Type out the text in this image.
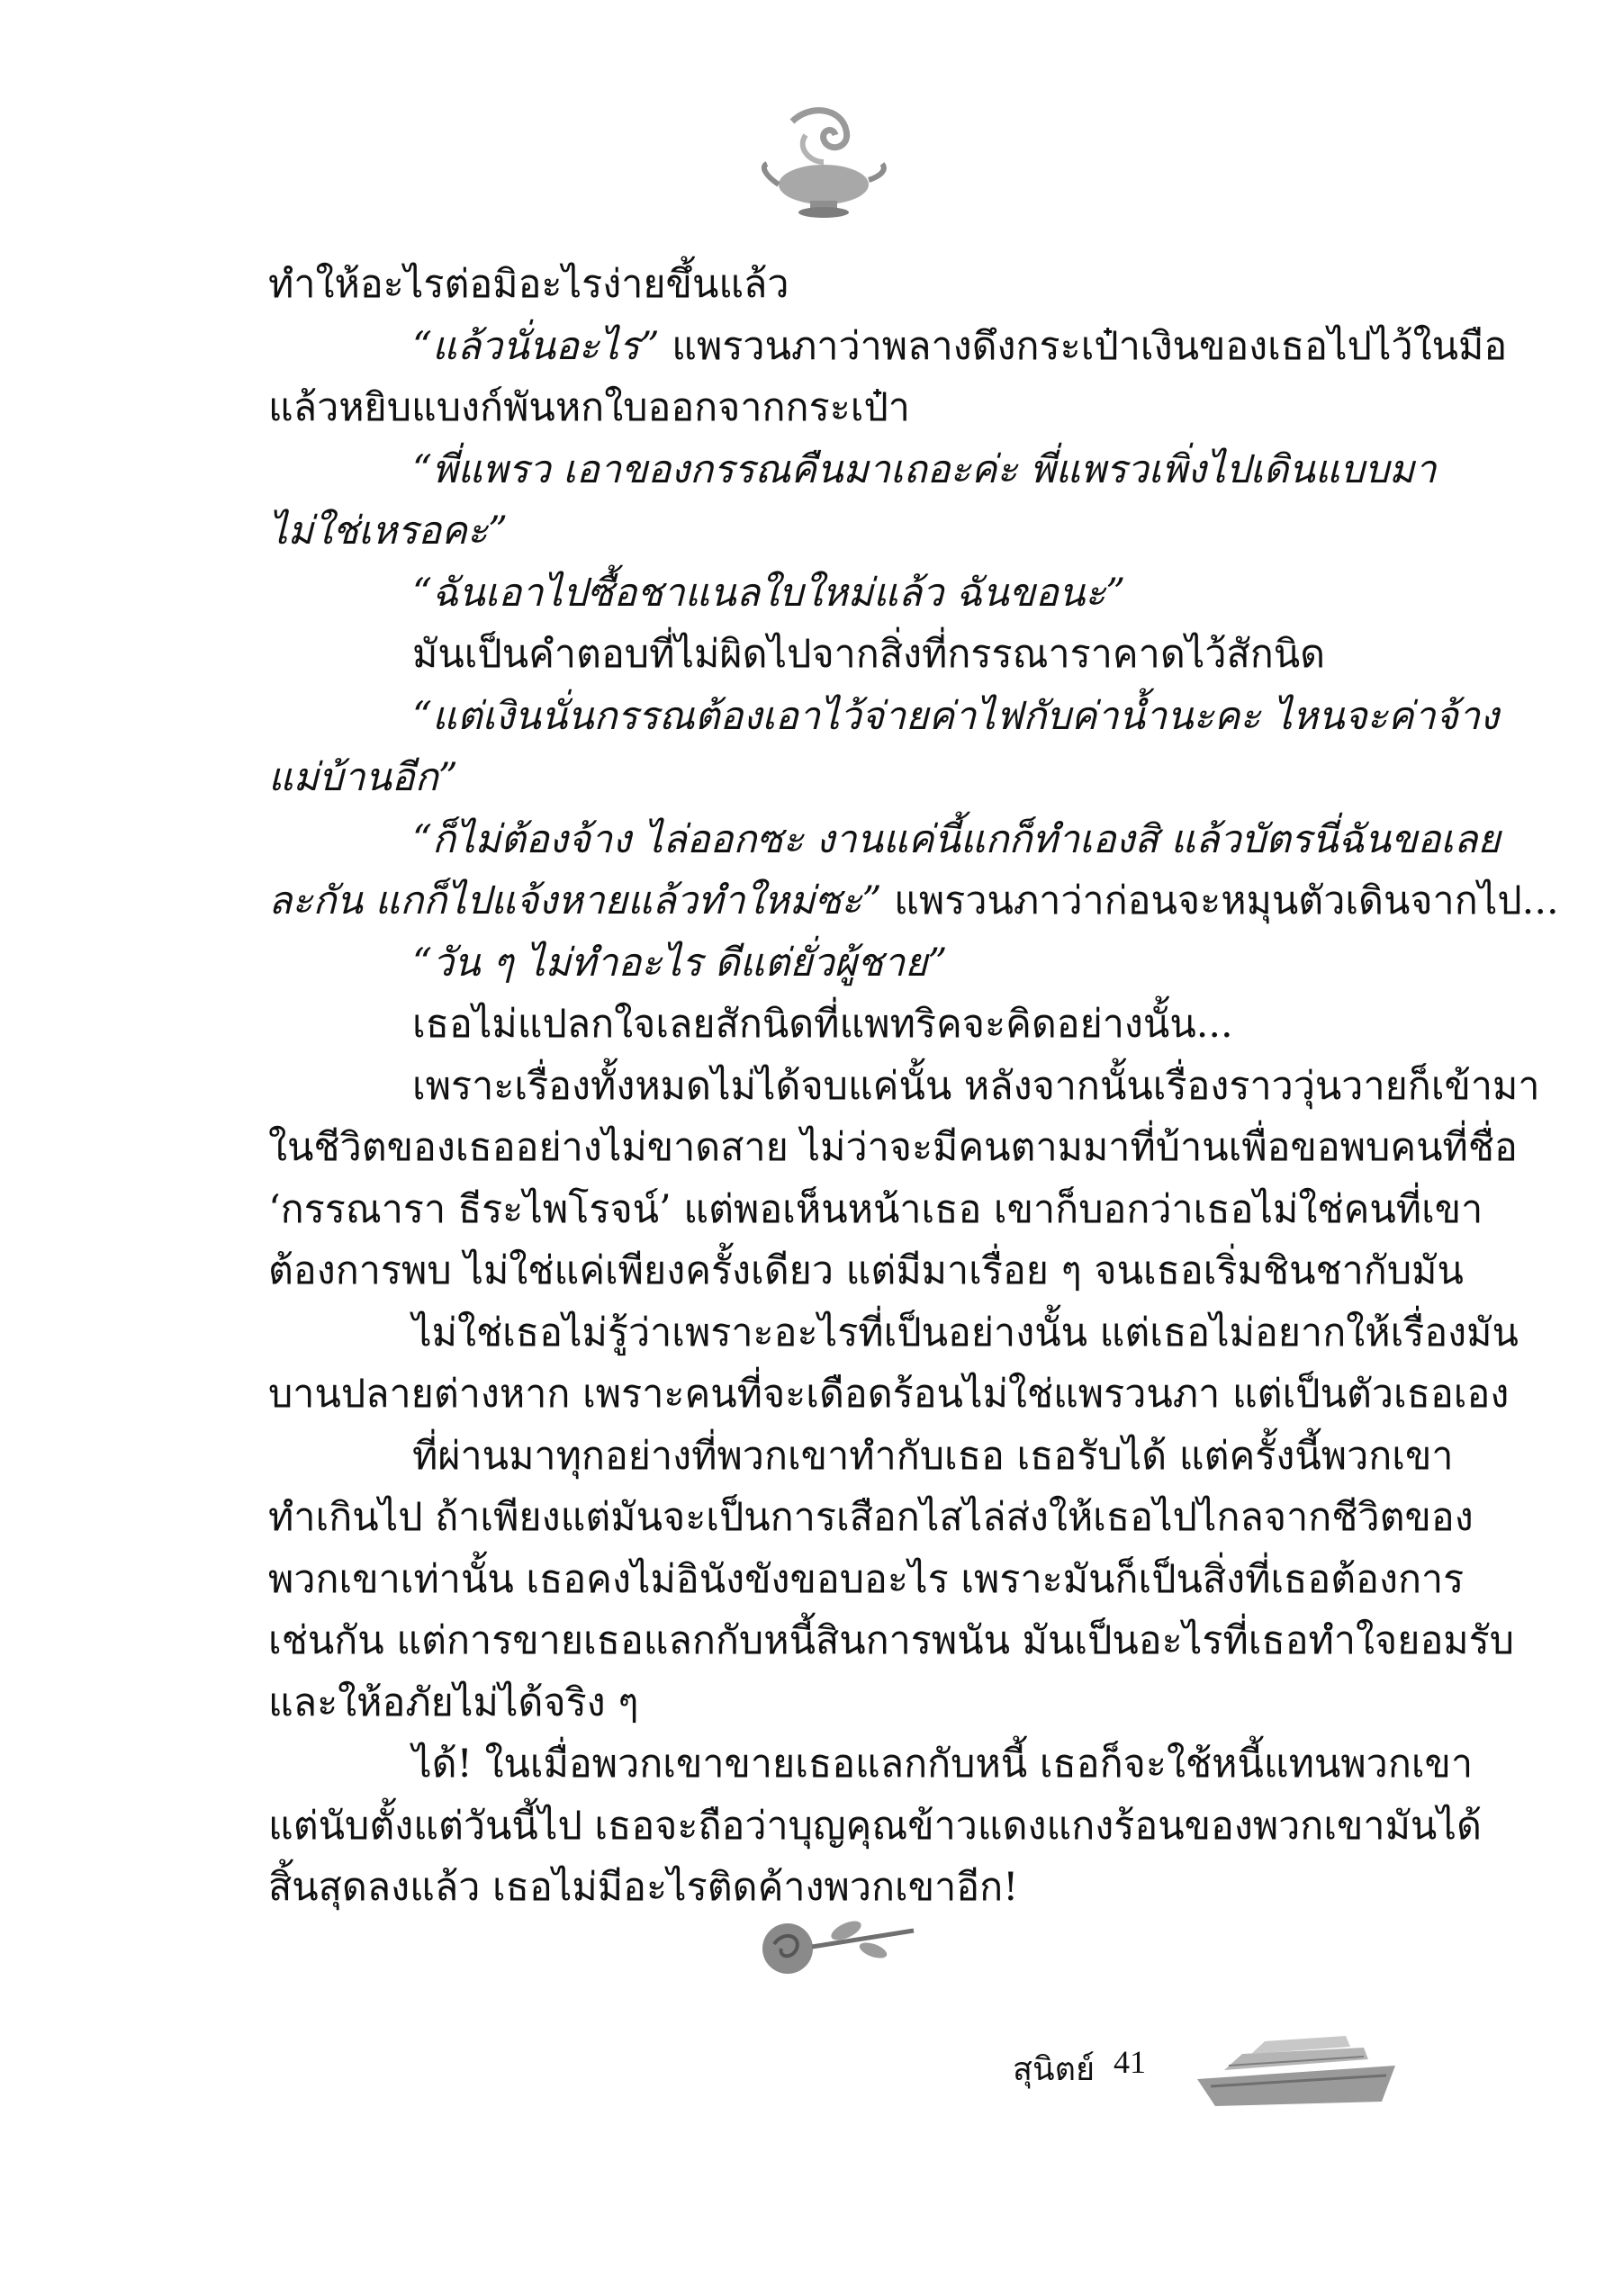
ทำให้อะไรต่อมิอะไรง่ายขึ้นแล้ว
“แล้วนั่นอะไร” แพรวนภาว่าพลางดึงกระเป๋าเงินของเธอไปไว้ในมือ
แล้วหยิบแบงก์พันหกใบออกจากกระเป๋า
“พี่แพรว เอาของกรรณคืนมาเถอะค่ะ พี่แพรวเพิ่งไปเดินแบบมา
ไม่ใช่เหรอคะ”
“ฉันเอาไปซื้อชาแนลใบใหม่แล้ว ฉันขอนะ”
มันเป็นคำตอบที่ไม่ผิดไปจากสิ่งที่กรรณาราคาดไว้สักนิด
“แต่เงินนั่นกรรณต้องเอาไว้จ่ายค่าไฟกับค่าน้ำนะคะ ไหนจะค่าจ้าง
แม่บ้านอีก”
“ก็ไม่ต้องจ้าง ไล่ออกซะ งานแค่นี้แกก็ทำเองสิ แล้วบัตรนี่ฉันขอเลย
ละกัน แกก็ไปแจ้งหายแล้วทำใหม่ซะ” แพรวนภาว่าก่อนจะหมุนตัวเดินจากไป...
“วัน ๆ ไม่ทำอะไร ดีแต่ยั่วผู้ชาย”
เธอไม่แปลกใจเลยสักนิดที่แพทริคจะคิดอย่างนั้น...
เพราะเรื่องทั้งหมดไม่ได้จบแค่นั้น หลังจากนั้นเรื่องราววุ่นวายก็เข้ามา
ในชีวิตของเธออย่างไม่ขาดสาย ไม่ว่าจะมีคนตามมาที่บ้านเพื่อขอพบคนที่ชื่อ
‘กรรณารา ธีระไพโรจน์’ แต่พอเห็นหน้าเธอ เขาก็บอกว่าเธอไม่ใช่คนที่เขา
ต้องการพบ ไม่ใช่แค่เพียงครั้งเดียว แต่มีมาเรื่อย ๆ จนเธอเริ่มชินชากับมัน
ไม่ใช่เธอไม่รู้ว่าเพราะอะไรที่เป็นอย่างนั้น แต่เธอไม่อยากให้เรื่องมัน
บานปลายต่างหาก เพราะคนที่จะเดือดร้อนไม่ใช่แพรวนภา แต่เป็นตัวเธอเอง
ที่ผ่านมาทุกอย่างที่พวกเขาทำกับเธอ เธอรับได้ แต่ครั้งนี้พวกเขา
ทำเกินไป ถ้าเพียงแต่มันจะเป็นการเสือกไสไล่ส่งให้เธอไปไกลจากชีวิตของ
พวกเขาเท่านั้น เธอคงไม่อินังขังขอบอะไร เพราะมันก็เป็นสิ่งที่เธอต้องการ
เช่นกัน แต่การขายเธอแลกกับหนี้สินการพนัน มันเป็นอะไรที่เธอทำใจยอมรับ
และให้อภัยไม่ได้จริง ๆ
ได้! ในเมื่อพวกเขาขายเธอแลกกับหนี้ เธอก็จะใช้หนี้แทนพวกเขา
แต่นับตั้งแต่วันนี้ไป เธอจะถือว่าบุญคุณข้าวแดงแกงร้อนของพวกเขามันได้
สิ้นสุดลงแล้ว เธอไม่มีอะไรติดค้างพวกเขาอีก!
สุนิตย์ 41
